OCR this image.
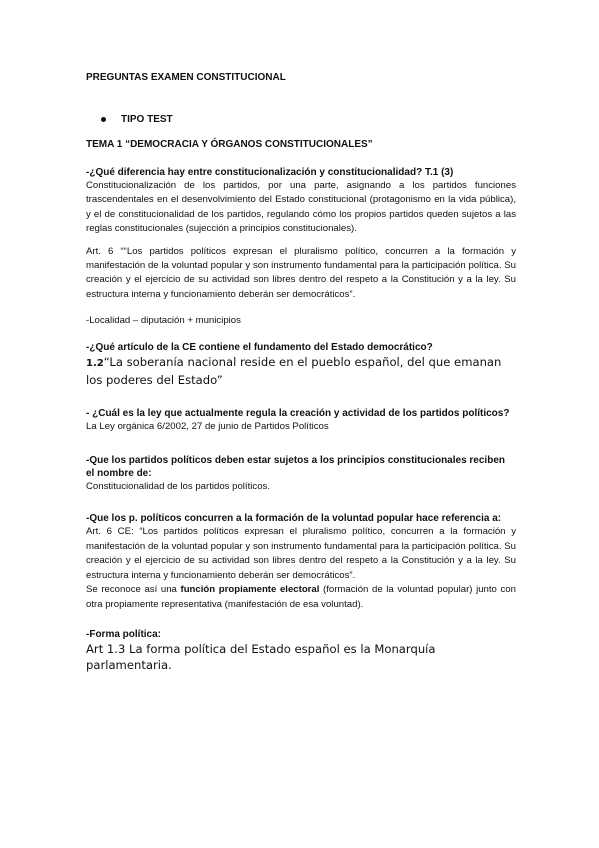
PREGUNTAS EXAMEN CONSTITUCIONAL

TIPO TEST
TEMA 1 “DEMOCRACIA Y ÓRGANOS CONSTITUCIONALES”
-¿Qué diferencia hay entre constitucionalización y constitucionalidad? T.1 (3)
Constitucionalización de los partidos, por una parte, asignando a los partidos funciones trascendentales en el desenvolvimiento del Estado constitucional (protagonismo en la vida pública), y el de constitucionalidad de los partidos, regulando cómo los propios partidos queden sujetos a las reglas constitucionales (sujección a principios constitucionales).
Art. 6 ““Los partidos políticos expresan el pluralismo político, concurren a la formación y manifestación de la voluntad popular y son instrumento fundamental para la participación política. Su creación y el ejercicio de su actividad son libres dentro del respeto a la Constitución y a la ley. Su estructura interna y funcionamiento deberán ser democráticos”.
-Localidad – diputación + municipios
-¿Qué artículo de la CE contiene el fundamento del Estado democrático?
1.2“La soberanía nacional reside en el pueblo español, del que emanan los poderes del Estado”
- ¿Cuál es la ley que actualmente regula la creación y actividad de los partidos políticos?
La Ley orgánica 6/2002, 27 de junio de Partidos Políticos
-Que los partidos políticos deben estar sujetos a los principios constitucionales reciben el nombre de:
Constitucionalidad de los partidos políticos.
-Que los p. políticos concurren a la formación de la voluntad popular hace referencia a:
Art. 6 CE: “Los partidos políticos expresan el pluralismo político, concurren a la formación y manifestación de la voluntad popular y son instrumento fundamental para la participación política. Su creación y el ejercicio de su actividad son libres dentro del respeto a la Constitución y a la ley. Su estructura interna y funcionamiento deberán ser democráticos”.
Se reconoce así una función propiamente electoral (formación de la voluntad popular) junto con otra propiamente representativa (manifestación de esa voluntad).
-Forma política:
Art 1.3 La forma política del Estado español es la Monarquía parlamentaria.
